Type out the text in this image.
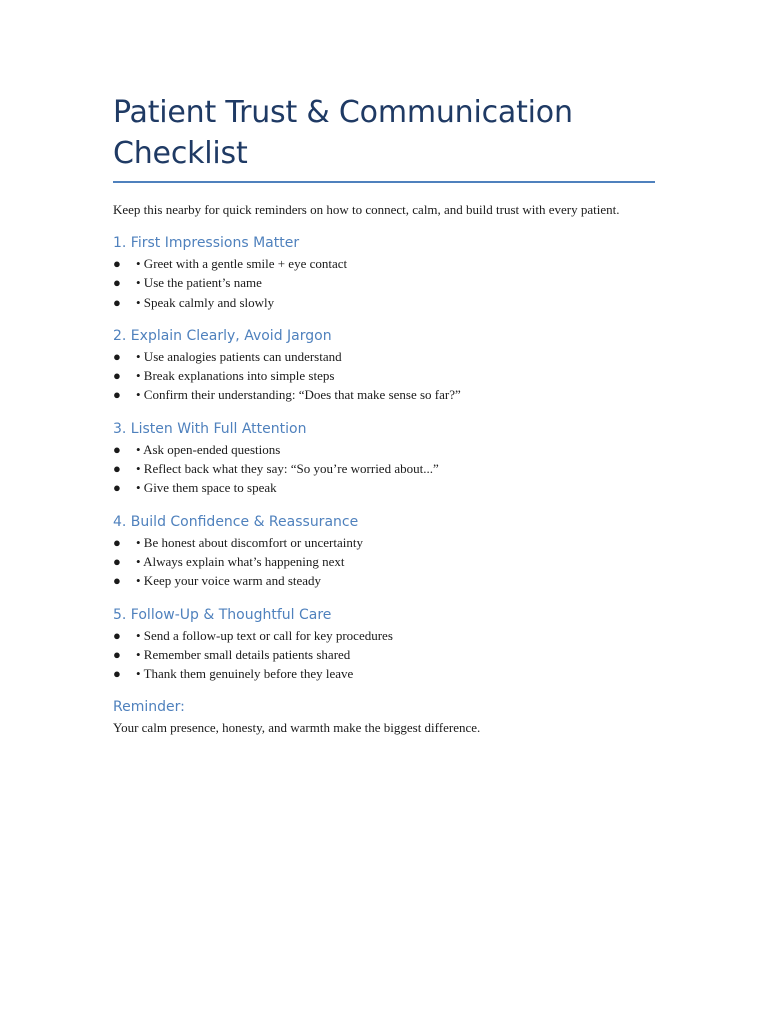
Patient Trust & Communication
Checklist

Keep this nearby for quick reminders on how to connect, calm, and build trust with every patient.

1. First Impressions Matter
● • Greet with a gentle smile + eye contact
● • Use the patient’s name
● • Speak calmly and slowly
2. Explain Clearly, Avoid Jargon
● • Use analogies patients can understand
● • Break explanations into simple steps
● • Confirm their understanding: “Does that make sense so far?”
3. Listen With Full Attention
● • Ask open-ended questions
● • Reflect back what they say: “So you’re worried about...”
● • Give them space to speak
4. Build Confidence & Reassurance
● • Be honest about discomfort or uncertainty
● • Always explain what’s happening next
● • Keep your voice warm and steady
5. Follow-Up & Thoughtful Care
● • Send a follow-up text or call for key procedures
● • Remember small details patients shared
● • Thank them genuinely before they leave
Reminder:

Your calm presence, honesty, and warmth make the biggest difference.
